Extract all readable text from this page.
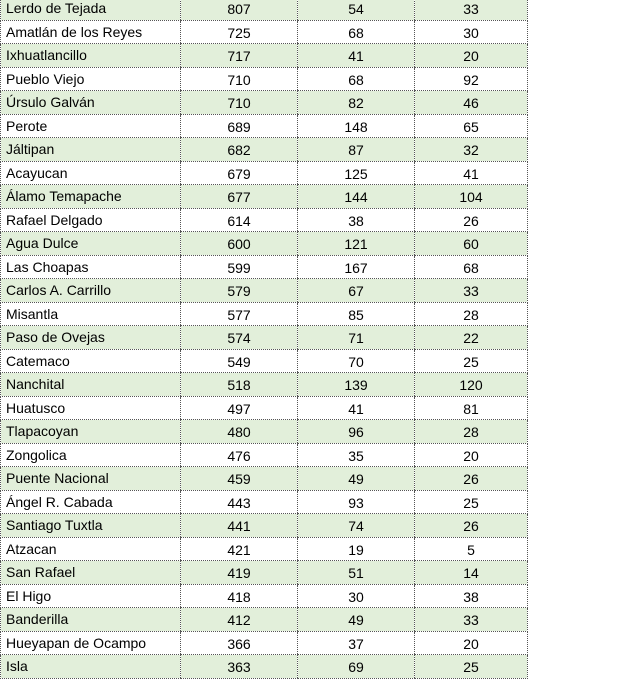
Lerdo de Tejada	807	54	33
Amatlán de los Reyes	725	68	30
Ixhuatlancillo	717	41	20
Pueblo Viejo	710	68	92
Úrsulo Galván	710	82	46
Perote	689	148	65
Jáltipan	682	87	32
Acayucan	679	125	41
Álamo Temapache	677	144	104
Rafael Delgado	614	38	26
Agua Dulce	600	121	60
Las Choapas	599	167	68
Carlos A. Carrillo	579	67	33
Misantla	577	85	28
Paso de Ovejas	574	71	22
Catemaco	549	70	25
Nanchital	518	139	120
Huatusco	497	41	81
Tlapacoyan	480	96	28
Zongolica	476	35	20
Puente Nacional	459	49	26
Ángel R. Cabada	443	93	25
Santiago Tuxtla	441	74	26
Atzacan	421	19	5
San Rafael	419	51	14
El Higo	418	30	38
Banderilla	412	49	33
Hueyapan de Ocampo	366	37	20
Isla	363	69	25
